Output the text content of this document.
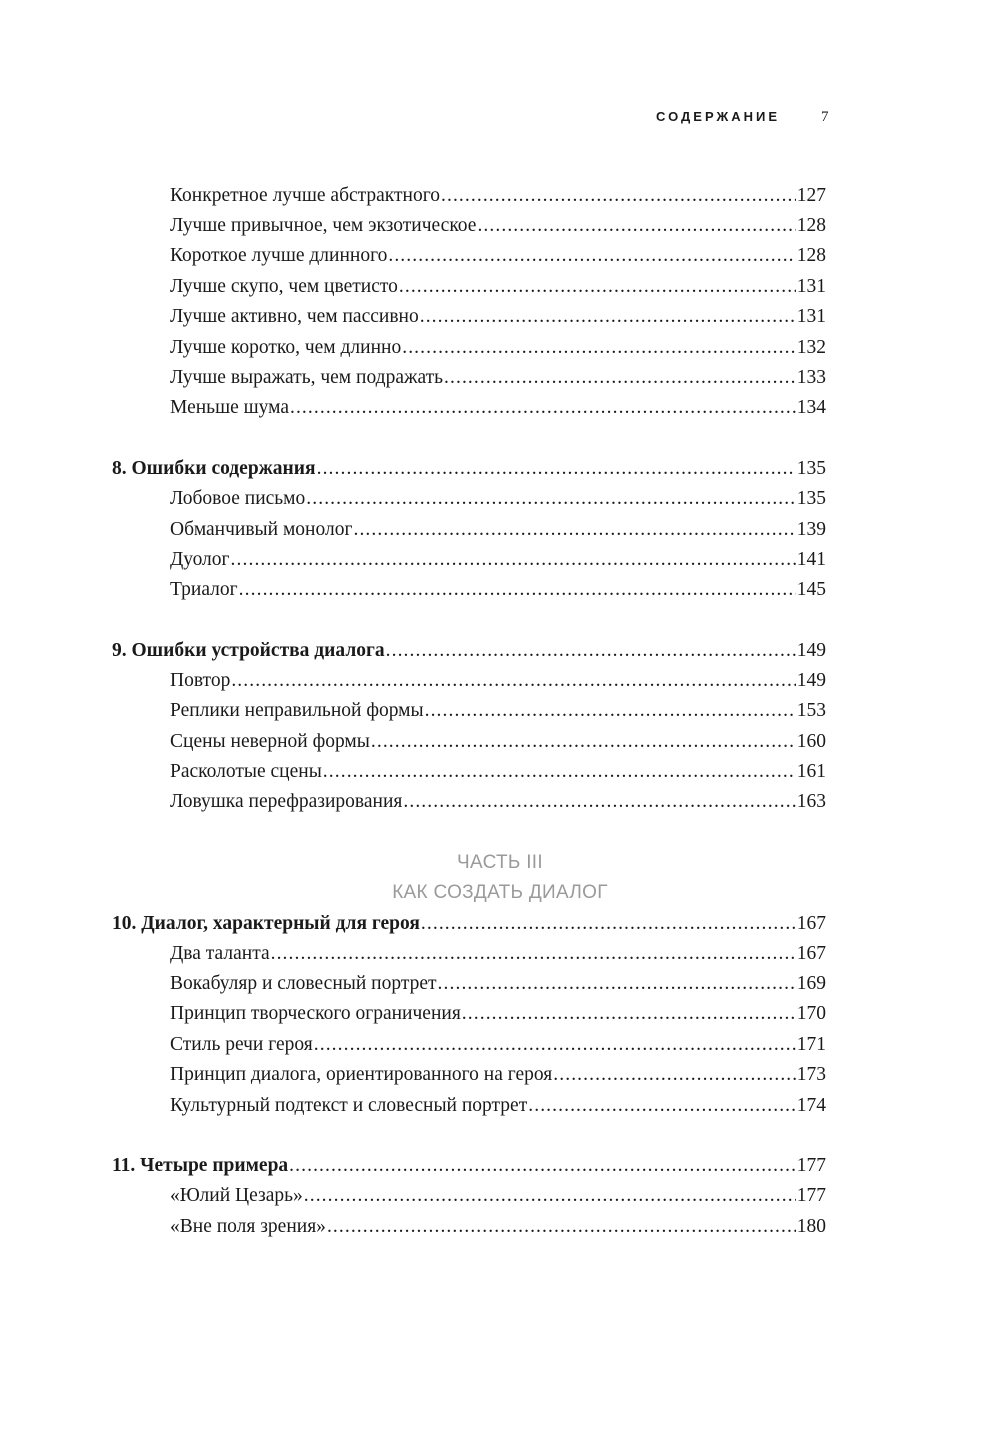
СОДЕРЖАНИЕ	7
Конкретное лучше абстрактного .....	127
Лучше привычное, чем экзотическое .....	128
Короткое лучше длинного .....	128
Лучше скупо, чем цветисто .....	131
Лучше активно, чем пассивно .....	131
Лучше коротко, чем длинно .....	132
Лучше выражать, чем подражать .....	133
Меньше шума .....	134
8. Ошибки содержания .....	135
Лобовое письмо .....	135
Обманчивый монолог .....	139
Дуолог .....	141
Триалог .....	145
9. Ошибки устройства диалога .....	149
Повтор .....	149
Реплики неправильной формы .....	153
Сцены неверной формы .....	160
Расколотые сцены .....	161
Ловушка перефразирования .....	163
10. Диалог, характерный для героя .....	167
Два таланта .....	167
Вокабуляр и словесный портрет .....	169
Принцип творческого ограничения .....	170
Стиль речи героя .....	171
Принцип диалога, ориентированного на героя .....	173
Культурный подтекст и словесный портрет .....	174
11. Четыре примера .....	177
«Юлий Цезарь» .....	177
«Вне поля зрения» .....	180
ЧАСТЬ III
КАК СОЗДАТЬ ДИАЛОГ
